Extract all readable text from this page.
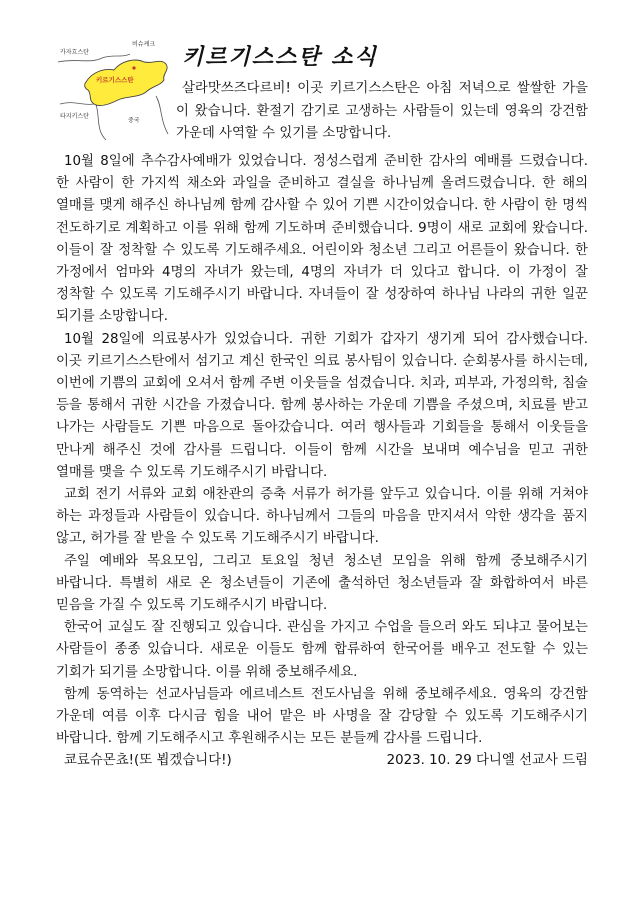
카자흐스탄
비슈케크
키르기스스탄
타지키스탄
중국
키르기스스탄 소식

살라맛쓰즈다르비! 이곳 키르기스스탄은 아침 저녁으로 쌀쌀한 가을이 왔습니다. 환절기 감기로 고생하는 사람들이 있는데 영육의 강건함 가운데 사역할 수 있기를 소망합니다.

10월 8일에 추수감사예배가 있었습니다. 정성스럽게 준비한 감사의 예배를 드렸습니다. 한 사람이 한 가지씩 채소와 과일을 준비하고 결실을 하나님께 올려드렸습니다. 한 해의 열매를 맺게 해주신 하나님께 함께 감사할 수 있어 기쁜 시간이었습니다. 한 사람이 한 명씩 전도하기로 계획하고 이를 위해 함께 기도하며 준비했습니다. 9명이 새로 교회에 왔습니다. 이들이 잘 정착할 수 있도록 기도해주세요. 어린이와 청소년 그리고 어른들이 왔습니다. 한 가정에서 엄마와 4명의 자녀가 왔는데, 4명의 자녀가 더 있다고 합니다. 이 가정이 잘 정착할 수 있도록 기도해주시기 바랍니다. 자녀들이 잘 성장하여 하나님 나라의 귀한 일꾼 되기를 소망합니다.

10월 28일에 의료봉사가 있었습니다. 귀한 기회가 갑자기 생기게 되어 감사했습니다. 이곳 키르기스스탄에서 섬기고 계신 한국인 의료 봉사팀이 있습니다. 순회봉사를 하시는데, 이번에 기쁨의 교회에 오셔서 함께 주변 이웃들을 섬겼습니다. 치과, 피부과, 가정의학, 침술 등을 통해서 귀한 시간을 가졌습니다. 함께 봉사하는 가운데 기쁨을 주셨으며, 치료를 받고 나가는 사람들도 기쁜 마음으로 돌아갔습니다. 여러 행사들과 기회들을 통해서 이웃들을 만나게 해주신 것에 감사를 드립니다. 이들이 함께 시간을 보내며 예수님을 믿고 귀한 열매를 맺을 수 있도록 기도해주시기 바랍니다.

교회 전기 서류와 교회 애찬관의 증축 서류가 허가를 앞두고 있습니다. 이를 위해 거쳐야 하는 과정들과 사람들이 있습니다. 하나님께서 그들의 마음을 만지셔서 악한 생각을 품지 않고, 허가를 잘 받을 수 있도록 기도해주시기 바랍니다.

주일 예배와 목요모임, 그리고 토요일 청년 청소년 모임을 위해 함께 중보해주시기 바랍니다. 특별히 새로 온 청소년들이 기존에 출석하던 청소년들과 잘 화합하여서 바른 믿음을 가질 수 있도록 기도해주시기 바랍니다.

한국어 교실도 잘 진행되고 있습니다. 관심을 가지고 수업을 들으러 와도 되냐고 물어보는 사람들이 종종 있습니다. 새로운 이들도 함께 합류하여 한국어를 배우고 전도할 수 있는 기회가 되기를 소망합니다. 이를 위해 중보해주세요.

함께 동역하는 선교사님들과 에르네스트 전도사님을 위해 중보해주세요. 영육의 강건함 가운데 여름 이후 다시금 힘을 내어 맡은 바 사명을 잘 감당할 수 있도록 기도해주시기 바랍니다. 함께 기도해주시고 후원해주시는 모든 분들께 감사를 드립니다.

쿄료슈몬쵸!(또 뵙겠습니다!)	2023. 10. 29 다니엘 선교사 드림
